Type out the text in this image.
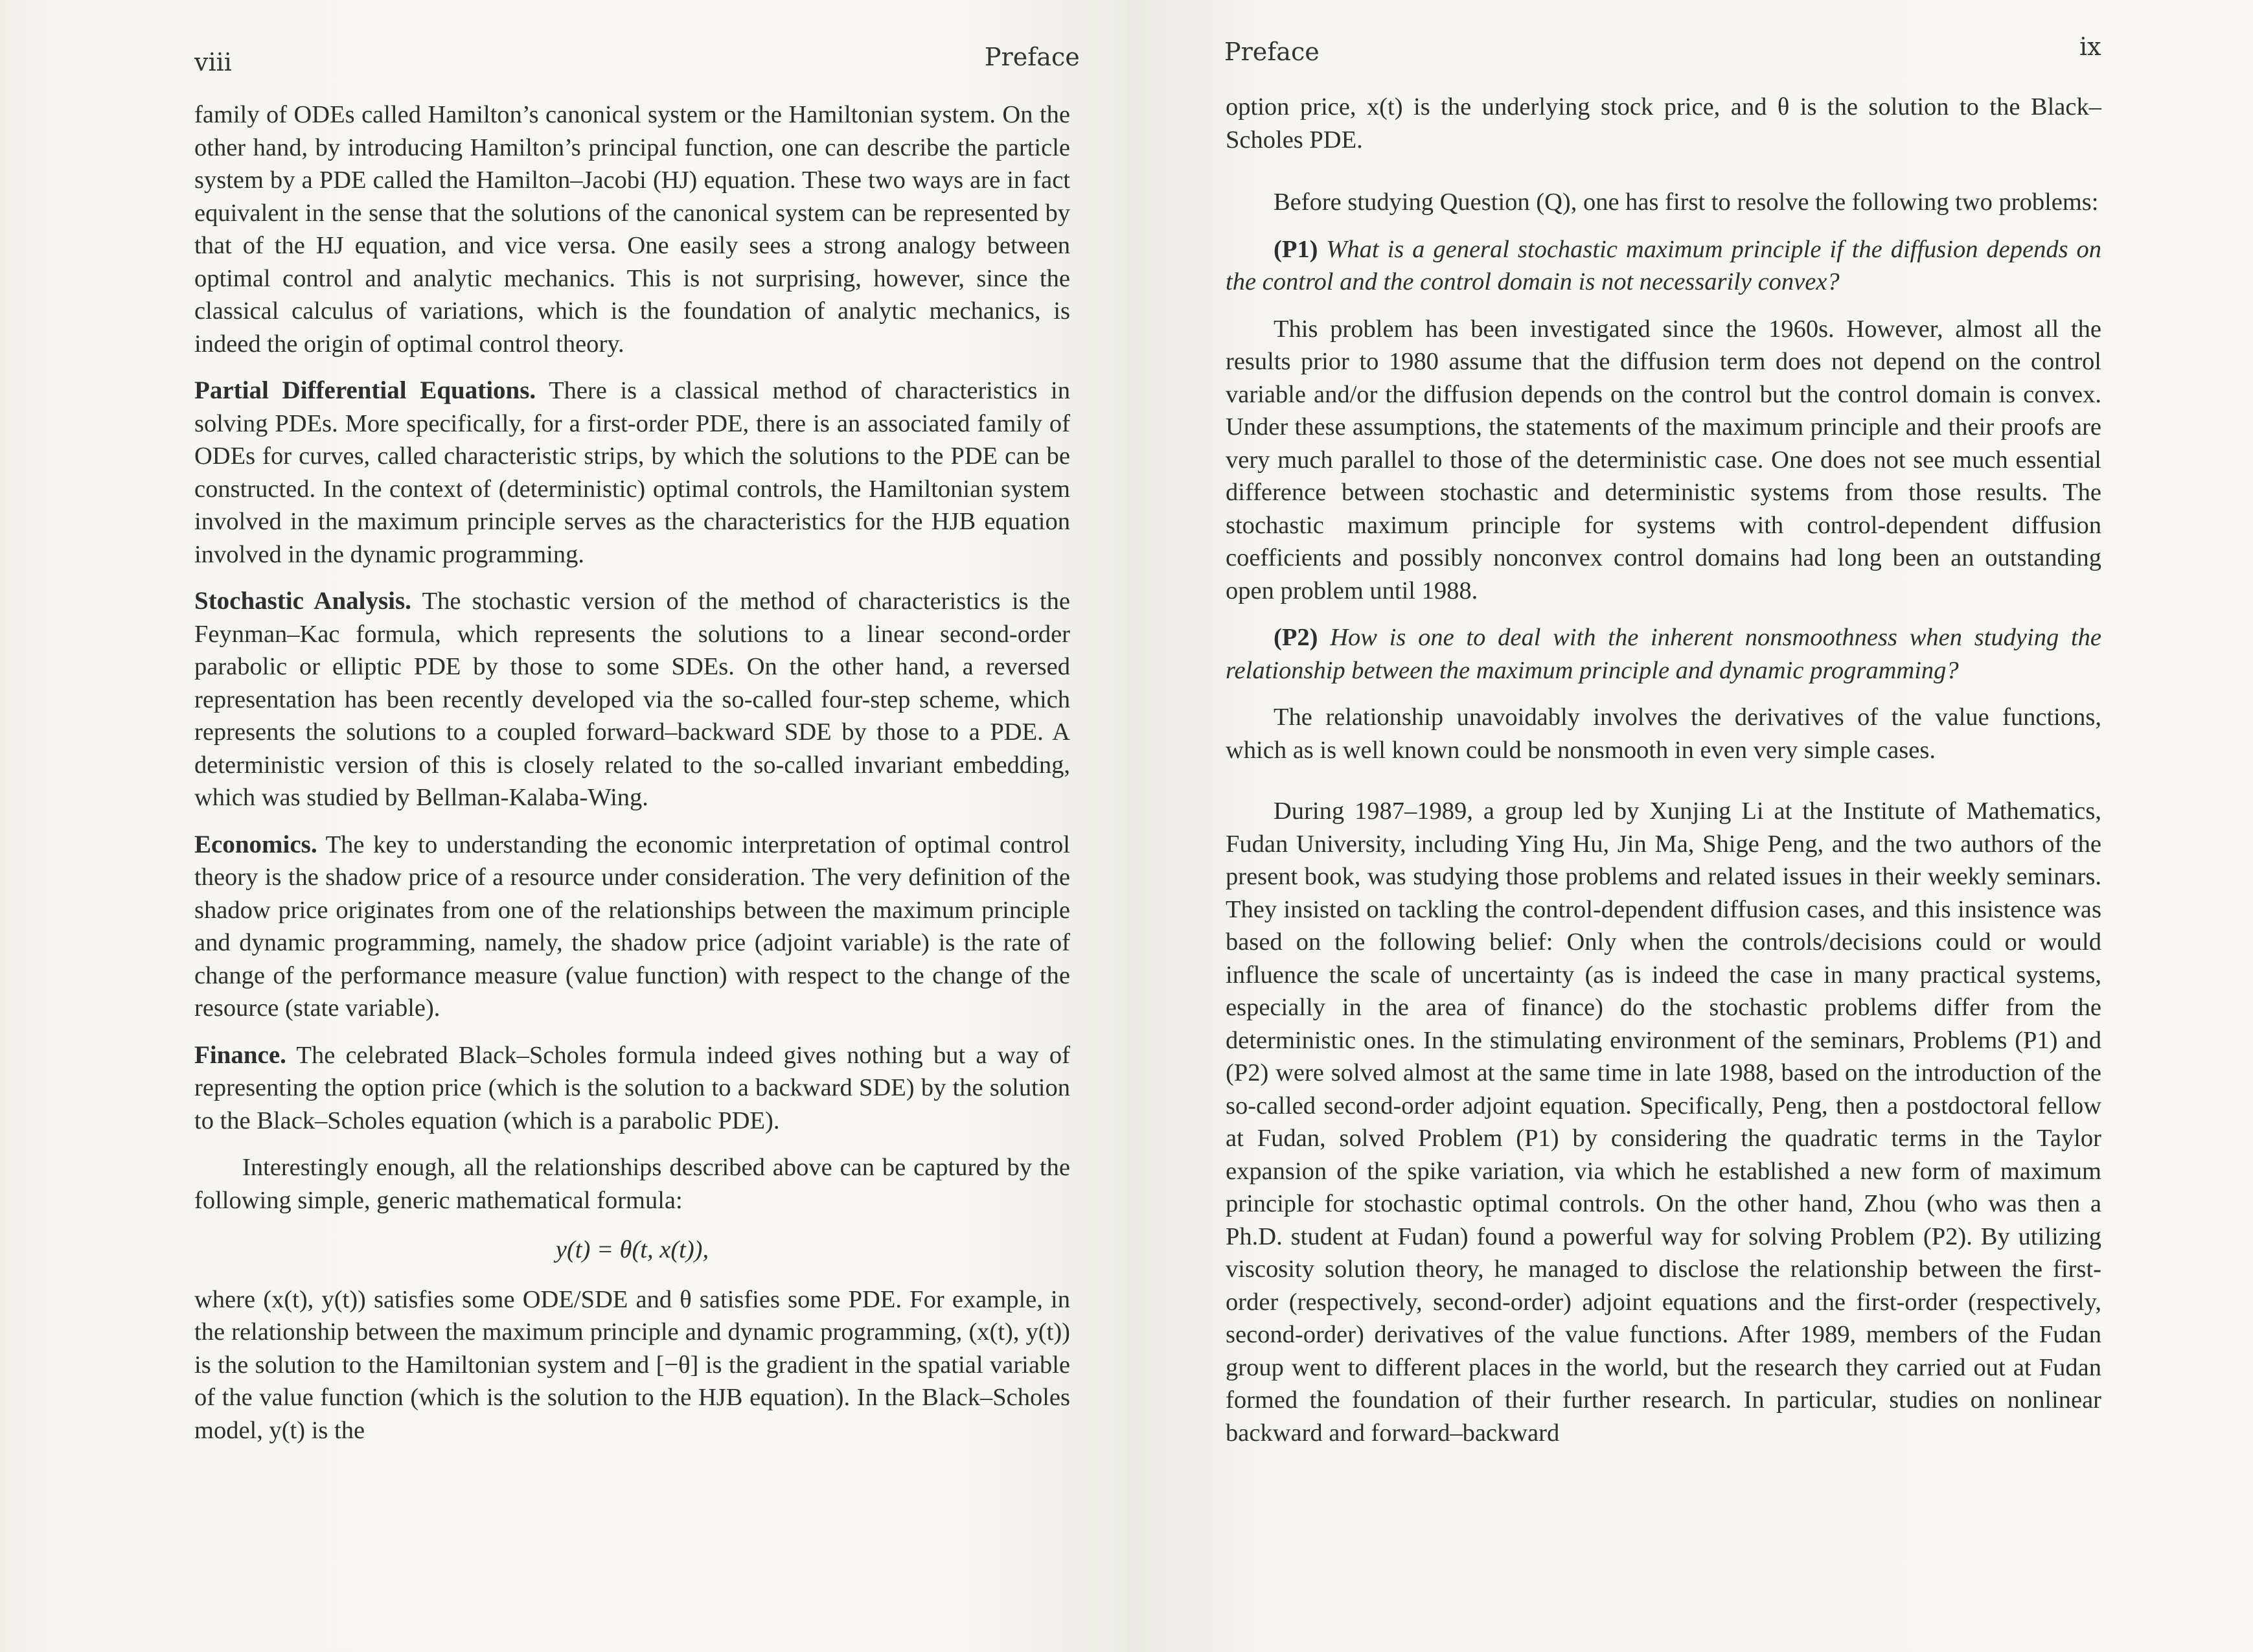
viii	Preface

family of ODEs called Hamilton’s canonical system or the Hamiltonian system. On the other hand, by introducing Hamilton’s principal function, one can describe the particle system by a PDE called the Hamilton–Jacobi (HJ) equation. These two ways are in fact equivalent in the sense that the solutions of the canonical system can be represented by that of the HJ equation, and vice versa. One easily sees a strong analogy between optimal control and analytic mechanics. This is not surprising, however, since the classical calculus of variations, which is the foundation of analytic mechanics, is indeed the origin of optimal control theory.

Partial Differential Equations. There is a classical method of characteristics in solving PDEs. More specifically, for a first-order PDE, there is an associated family of ODEs for curves, called characteristic strips, by which the solutions to the PDE can be constructed. In the context of (deterministic) optimal controls, the Hamiltonian system involved in the maximum principle serves as the characteristics for the HJB equation involved in the dynamic programming.

Stochastic Analysis. The stochastic version of the method of characteristics is the Feynman–Kac formula, which represents the solutions to a linear second-order parabolic or elliptic PDE by those to some SDEs. On the other hand, a reversed representation has been recently developed via the so-called four-step scheme, which represents the solutions to a coupled forward–backward SDE by those to a PDE. A deterministic version of this is closely related to the so-called invariant embedding, which was studied by Bellman-Kalaba-Wing.

Economics. The key to understanding the economic interpretation of optimal control theory is the shadow price of a resource under consideration. The very definition of the shadow price originates from one of the relationships between the maximum principle and dynamic programming, namely, the shadow price (adjoint variable) is the rate of change of the performance measure (value function) with respect to the change of the resource (state variable).

Finance. The celebrated Black–Scholes formula indeed gives nothing but a way of representing the option price (which is the solution to a backward SDE) by the solution to the Black–Scholes equation (which is a parabolic PDE).

Interestingly enough, all the relationships described above can be captured by the following simple, generic mathematical formula:

y(t) = θ(t, x(t)),

where (x(t), y(t)) satisfies some ODE/SDE and θ satisfies some PDE. For example, in the relationship between the maximum principle and dynamic programming, (x(t), y(t)) is the solution to the Hamiltonian system and [−θ] is the gradient in the spatial variable of the value function (which is the solution to the HJB equation). In the Black–Scholes model, y(t) is the

Preface	ix

option price, x(t) is the underlying stock price, and θ is the solution to the Black–Scholes PDE.

Before studying Question (Q), one has first to resolve the following two problems:

(P1) What is a general stochastic maximum principle if the diffusion depends on the control and the control domain is not necessarily convex?

This problem has been investigated since the 1960s. However, almost all the results prior to 1980 assume that the diffusion term does not depend on the control variable and/or the diffusion depends on the control but the control domain is convex. Under these assumptions, the statements of the maximum principle and their proofs are very much parallel to those of the deterministic case. One does not see much essential difference between stochastic and deterministic systems from those results. The stochastic maximum principle for systems with control-dependent diffusion coefficients and possibly nonconvex control domains had long been an outstanding open problem until 1988.

(P2) How is one to deal with the inherent nonsmoothness when studying the relationship between the maximum principle and dynamic programming?

The relationship unavoidably involves the derivatives of the value functions, which as is well known could be nonsmooth in even very simple cases.

During 1987–1989, a group led by Xunjing Li at the Institute of Mathematics, Fudan University, including Ying Hu, Jin Ma, Shige Peng, and the two authors of the present book, was studying those problems and related issues in their weekly seminars. They insisted on tackling the control-dependent diffusion cases, and this insistence was based on the following belief: Only when the controls/decisions could or would influence the scale of uncertainty (as is indeed the case in many practical systems, especially in the area of finance) do the stochastic problems differ from the deterministic ones. In the stimulating environment of the seminars, Problems (P1) and (P2) were solved almost at the same time in late 1988, based on the introduction of the so-called second-order adjoint equation. Specifically, Peng, then a postdoctoral fellow at Fudan, solved Problem (P1) by considering the quadratic terms in the Taylor expansion of the spike variation, via which he established a new form of maximum principle for stochastic optimal controls. On the other hand, Zhou (who was then a Ph.D. student at Fudan) found a powerful way for solving Problem (P2). By utilizing viscosity solution theory, he managed to disclose the relationship between the first-order (respectively, second-order) adjoint equations and the first-order (respectively, second-order) derivatives of the value functions. After 1989, members of the Fudan group went to different places in the world, but the research they carried out at Fudan formed the foundation of their further research. In particular, studies on nonlinear backward and forward–backward
